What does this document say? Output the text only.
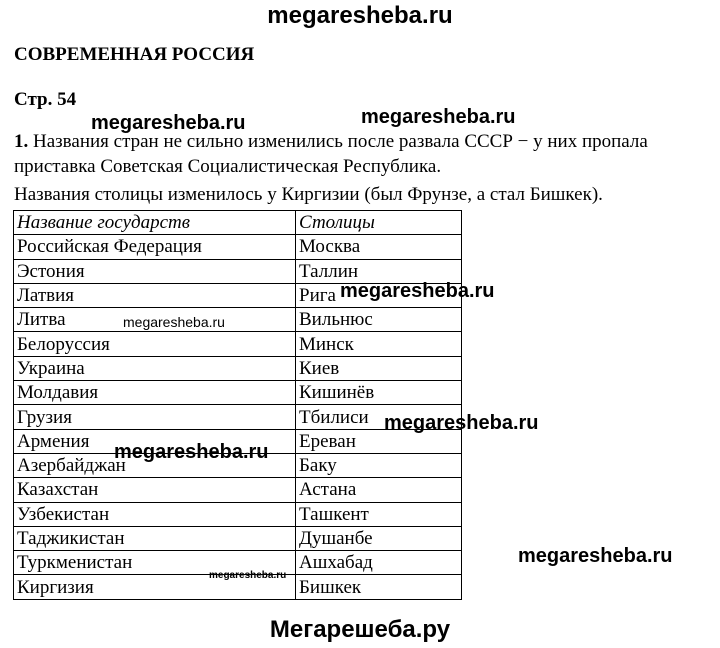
megaresheba.ru
СОВРЕМЕННАЯ РОССИЯ
Стр. 54
1. Названия стран не сильно изменились после развала СССР − у них пропала приставка Советская Социалистическая Республика.
Названия столицы изменилось у Киргизии (был Фрунзе, а стал Бишкек).
Название государств	Столицы
Российская Федерация	Москва
Эстония	Таллин
Латвия	Рига
Литва	Вильнюс
Белоруссия	Минск
Украина	Киев
Молдавия	Кишинёв
Грузия	Тбилиси
Армения	Ереван
Азербайджан	Баку
Казахстан	Астана
Узбекистан	Ташкент
Таджикистан	Душанбе
Туркменистан	Ашхабад
Киргизия	Бишкек
megaresheba.ru	megaresheba.ru
megaresheba.ru
megaresheba.ru
megaresheba.ru
megaresheba.ru
megaresheba.ru
megaresheba.ru
Мегарешеба.ру
